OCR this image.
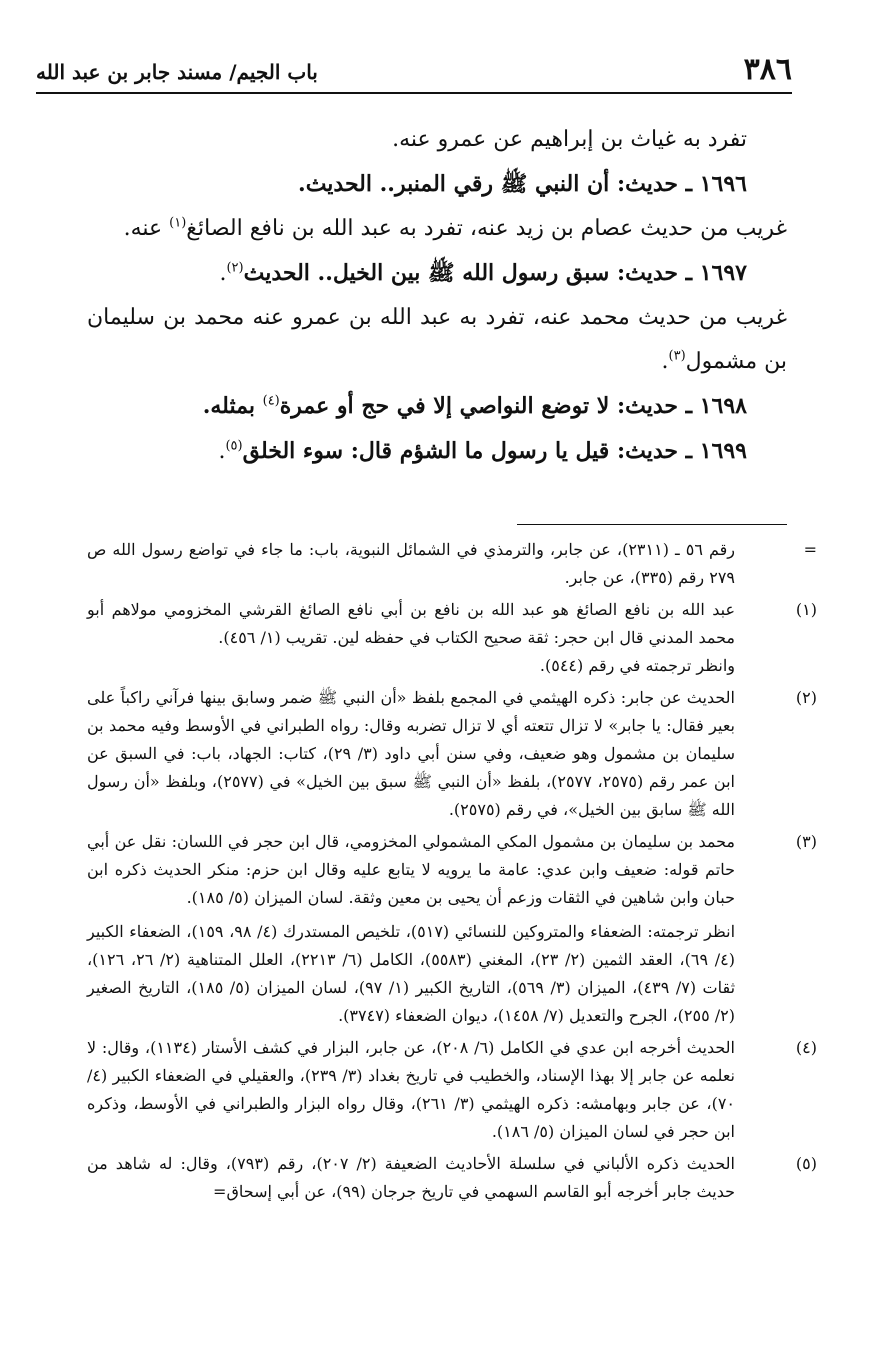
٣٨٦
باب الجيم/ مسند جابر بن عبد الله

تفرد به غياث بن إبراهيم عن عمرو عنه.

١٦٩٦ ـ حديث: أن النبي ﷺ رقي المنبر.. الحديث.

غريب من حديث عصام بن زيد عنه، تفرد به عبد الله بن نافع الصائغ$^{(١)}$ عنه.

١٦٩٧ ـ حديث: سبق رسول الله ﷺ بين الخيل.. الحديث$^{(٢)}$.

غريب من حديث محمد عنه، تفرد به عبد الله بن عمرو عنه محمد بن سليمان بن مشمول$^{(٣)}$.

١٦٩٨ ـ حديث: لا توضع النواصي إلا في حج أو عمرة$^{(٤)}$ بمثله.

١٦٩٩ ـ حديث: قيل يا رسول ما الشؤم قال: سوء الخلق$^{(٥)}$.

=
رقم ٥٦ ـ (٢٣١١)، عن جابر، والترمذي في الشمائل النبوية، باب: ما جاء في تواضع رسول الله ص ٢٧٩ رقم (٣٣٥)، عن جابر.
(١)
عبد الله بن نافع الصائغ هو عبد الله بن نافع بن أبي نافع الصائغ القرشي المخزومي مولاهم أبو محمد المدني قال ابن حجر: ثقة صحيح الكتاب في حفظه لين. تقريب (١/ ٤٥٦).
وانظر ترجمته في رقم (٥٤٤).
(٢)
الحديث عن جابر: ذكره الهيثمي في المجمع بلفظ «أن النبي ﷺ ضمر وسابق بينها فرآني راكباً على بعير فقال: يا جابر» لا تزال تتعته أي لا تزال تضربه وقال: رواه الطبراني في الأوسط وفيه محمد بن سليمان بن مشمول وهو ضعيف، وفي سنن أبي داود (٣/ ٢٩)، كتاب: الجهاد، باب: في السبق عن ابن عمر رقم (٢٥٧٥، ٢٥٧٧)، بلفظ «أن النبي ﷺ سبق بين الخيل» في (٢٥٧٧)، وبلفظ «أن رسول الله ﷺ سابق بين الخيل»، في رقم (٢٥٧٥).
(٣)
محمد بن سليمان بن مشمول المكي المشمولي المخزومي، قال ابن حجر في اللسان: نقل عن أبي حاتم قوله: ضعيف وابن عدي: عامة ما يرويه لا يتابع عليه وقال ابن حزم: منكر الحديث ذكره ابن حبان وابن شاهين في الثقات وزعم أن يحيى بن معين وثقة. لسان الميزان (٥/ ١٨٥).
انظر ترجمته: الضعفاء والمتروكين للنسائي (٥١٧)، تلخيص المستدرك (٤/ ٩٨، ١٥٩)، الضعفاء الكبير (٤/ ٦٩)، العقد الثمين (٢/ ٢٣)، المغني (٥٥٨٣)، الكامل (٦/ ٢٢١٣)، العلل المتناهية (٢/ ٢٦، ١٢٦)، ثقات (٧/ ٤٣٩)، الميزان (٣/ ٥٦٩)، التاريخ الكبير (١/ ٩٧)، لسان الميزان (٥/ ١٨٥)، التاريخ الصغير (٢/ ٢٥٥)، الجرح والتعديل (٧/ ١٤٥٨)، ديوان الضعفاء (٣٧٤٧).
(٤)
الحديث أخرجه ابن عدي في الكامل (٦/ ٢٠٨)، عن جابر، البزار في كشف الأستار (١١٣٤)، وقال: لا نعلمه عن جابر إلا بهذا الإسناد، والخطيب في تاريخ بغداد (٣/ ٢٣٩)، والعقيلي في الضعفاء الكبير (٤/ ٧٠)، عن جابر وبهامشه: ذكره الهيثمي (٣/ ٢٦١)، وقال رواه البزار والطبراني في الأوسط، وذكره ابن حجر في لسان الميزان (٥/ ١٨٦).
(٥)
الحديث ذكره الألباني في سلسلة الأحاديث الضعيفة (٢/ ٢٠٧)، رقم (٧٩٣)، وقال: له شاهد من حديث جابر أخرجه أبو القاسم السهمي في تاريخ جرجان (٩٩)، عن أبي إسحاق=
